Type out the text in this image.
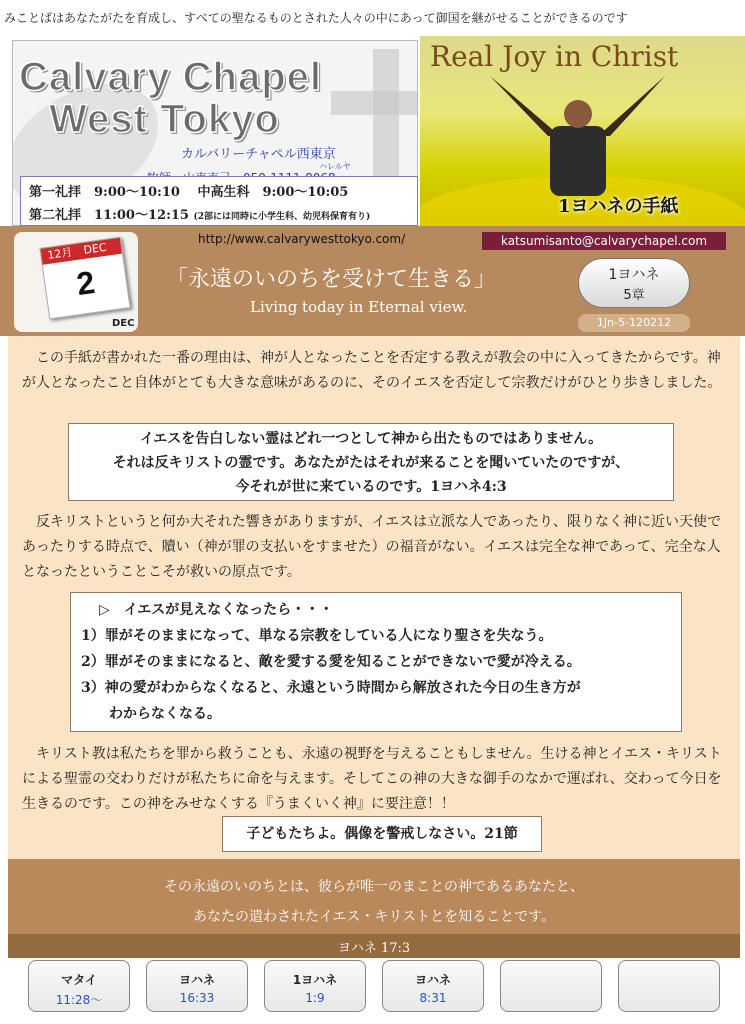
みことばはあなたがたを育成し、すべての聖なるものとされた人々の中にあって御国を継がせることができるのです
Calvary Chapel
West Tokyo
カルバリーチャペル西東京
ハレルヤ
第一礼拝　9:00～10:10　 中高生科　9:00～10:05
第二礼拝　11:00～12:15 (2部には同時に小学生科、幼児科保育有り)
Real Joy in Christ
1ヨハネの手紙
12月 DEC
2
DEC
http://www.calvarywesttokyo.com/	katsumisanto@calvarychapel.com
「永遠のいのちを受けて生きる」
Living today in Eternal view.
1ヨハネ
5章
1Jn-5-120212
　この手紙が書かれた一番の理由は、神が人となったことを否定する教えが教会の中に入ってきたからです。神が人となったこと自体がとても大きな意味があるのに、そのイエスを否定して宗教だけがひとり歩きしました。
イエスを告白しない霊はどれ一つとして神から出たものではありません。
それは反キリストの霊です。あなたがたはそれが来ることを聞いていたのですが、
今それが世に来ているのです。1ヨハネ4:3
　反キリストというと何か大それた響きがありますが、イエスは立派な人であったり、限りなく神に近い天使であったりする時点で、贖い（神が罪の支払いをすませた）の福音がない。イエスは完全な神であって、完全な人となったということこそが救いの原点です。
▷　イエスが見えなくなったら・・・
1）罪がそのままになって、単なる宗教をしている人になり聖さを失なう。
2）罪がそのままになると、敵を愛する愛を知ることができないで愛が冷える。
3）神の愛がわからなくなると、永遠という時間から解放された今日の生き方が
　　わからなくなる。
　キリスト教は私たちを罪から救うことも、永遠の視野を与えることもしません。生ける神とイエス・キリストによる聖霊の交わりだけが私たちに命を与えます。そしてこの神の大きな御手のなかで運ばれ、交わって今日を生きるのです。この神をみせなくする『うまくいく神』に要注意！！
子どもたちよ。偶像を警戒しなさい。21節
その永遠のいのちとは、彼らが唯一のまことの神であるあなたと、
あなたの遣わされたイエス・キリストとを知ることです。
ヨハネ 17:3
マタイ
11:28～
ヨハネ
16:33
1ヨハネ
1:9
ヨハネ
8:31
